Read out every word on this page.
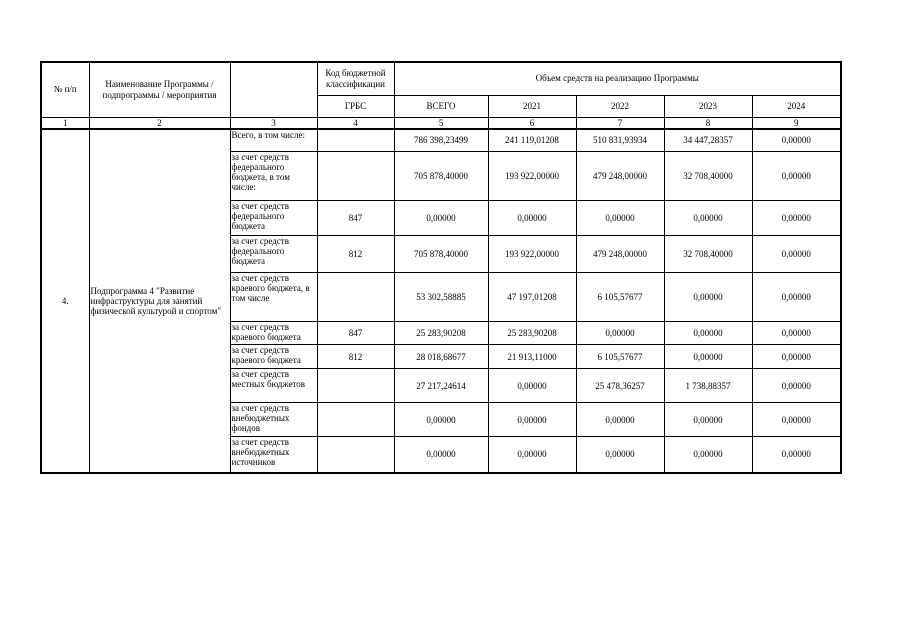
№ п/п	Наименование Программы / подпрограммы / мероприятия		Код бюджетной классификации	Объем средств на реализацию Программы				
			ГРБС	ВСЕГО	2021	2022	2023	2024
1	2	3	4	5	6	7	8	9
4.	Подпрограмма 4 "Развитие инфраструктуры для занятий физической культурой и спортом"	Всего, в том числе:		786 398,23499	241 119,01208	510 831,93934	34 447,28357	0,00000
		за счет средств федерального бюджета, в том числе:		705 878,40000	193 922,00000	479 248,00000	32 708,40000	0,00000
		за счет средств федерального бюджета	847	0,00000	0,00000	0,00000	0,00000	0,00000
		за счет средств федерального бюджета	812	705 878,40000	193 922,00000	479 248,00000	32 708,40000	0,00000
		за счет средств краевого бюджета, в том числе		53 302,58885	47 197,01208	6 105,57677	0,00000	0,00000
		за счет средств краевого бюджета	847	25 283,90208	25 283,90208	0,00000	0,00000	0,00000
		за счет средств краевого бюджета	812	28 018,68677	21 913,11000	6 105,57677	0,00000	0,00000
		за счет средств местных бюджетов		27 217,24614	0,00000	25 478,36257	1 738,88357	0,00000
		за счет средств внебюджетных фондов		0,00000	0,00000	0,00000	0,00000	0,00000
		за счет средств внебюджетных источников		0,00000	0,00000	0,00000	0,00000	0,00000
